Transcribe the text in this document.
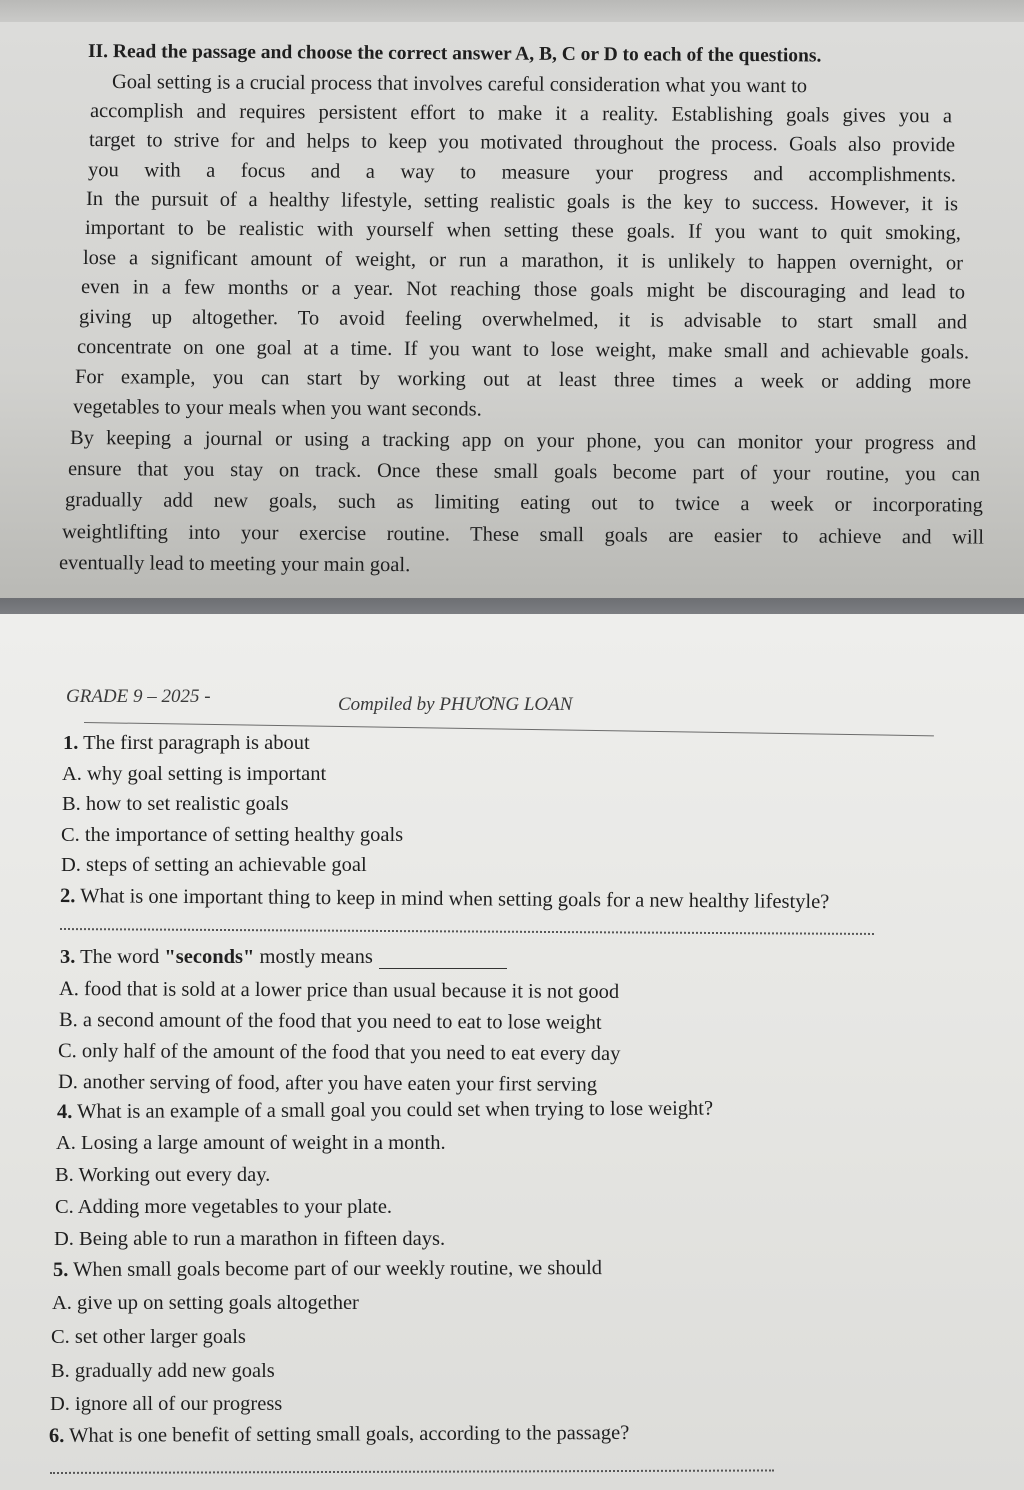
II. Read the passage and choose the correct answer A, B, C or D to each of the questions.
Goal setting is a crucial process that involves careful consideration what you want to
accomplish and requires persistent effort to make it a reality. Establishing goals gives you a
target to strive for and helps to keep you motivated throughout the process. Goals also provide
you with a focus and a way to measure your progress and accomplishments.
In the pursuit of a healthy lifestyle, setting realistic goals is the key to success. However, it is
important to be realistic with yourself when setting these goals. If you want to quit smoking,
lose a significant amount of weight, or run a marathon, it is unlikely to happen overnight, or
even in a few months or a year. Not reaching those goals might be discouraging and lead to
giving up altogether. To avoid feeling overwhelmed, it is advisable to start small and
concentrate on one goal at a time. If you want to lose weight, make small and achievable goals.
For example, you can start by working out at least three times a week or adding more
vegetables to your meals when you want seconds.
By keeping a journal or using a tracking app on your phone, you can monitor your progress and
ensure that you stay on track. Once these small goals become part of your routine, you can
gradually add new goals, such as limiting eating out to twice a week or incorporating
weightlifting into your exercise routine. These small goals are easier to achieve and will
eventually lead to meeting your main goal.
GRADE 9 – 2025 -	Compiled by PHƯƠNG LOAN
1. The first paragraph is about
A. why goal setting is important
B. how to set realistic goals
C. the importance of setting healthy goals
D. steps of setting an achievable goal
2. What is one important thing to keep in mind when setting goals for a new healthy lifestyle?
3. The word "seconds" mostly means
A. food that is sold at a lower price than usual because it is not good
B. a second amount of the food that you need to eat to lose weight
C. only half of the amount of the food that you need to eat every day
D. another serving of food, after you have eaten your first serving
4. What is an example of a small goal you could set when trying to lose weight?
A. Losing a large amount of weight in a month.
B. Working out every day.
C. Adding more vegetables to your plate.
D. Being able to run a marathon in fifteen days.
5. When small goals become part of our weekly routine, we should
A. give up on setting goals altogether
C. set other larger goals
B. gradually add new goals
D. ignore all of our progress
6. What is one benefit of setting small goals, according to the passage?
